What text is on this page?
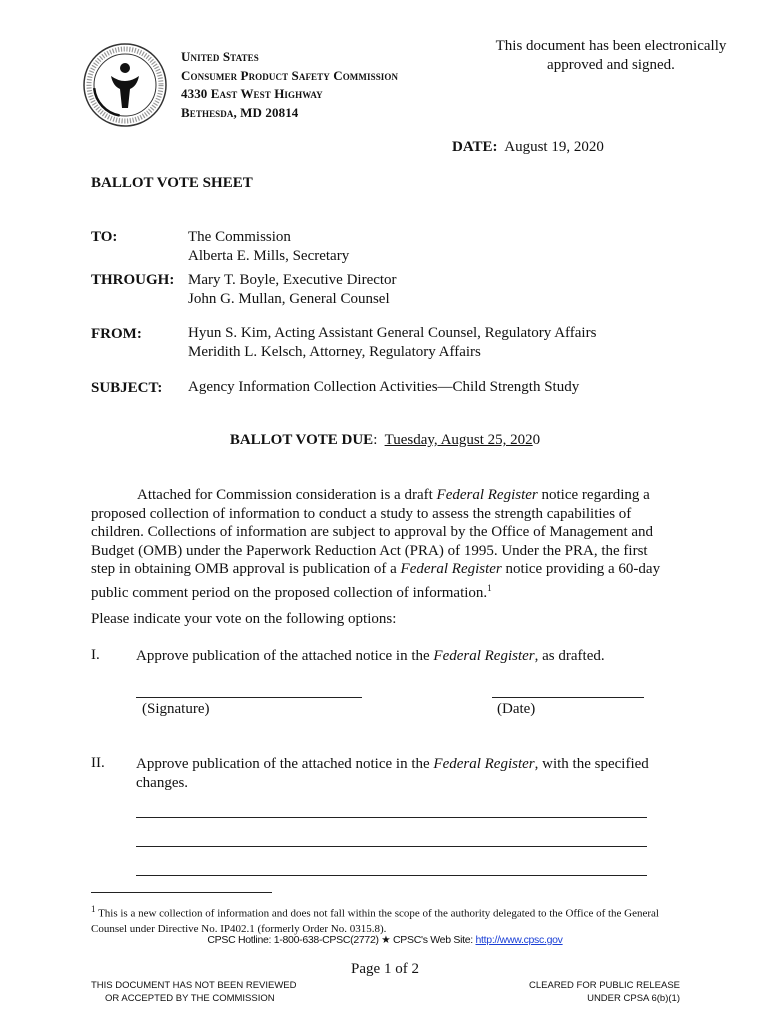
United States
Consumer Product Safety Commission
4330 East West Highway
Bethesda, MD 20814
This document has been electronically
approved and signed.
DATE: August 19, 2020
BALLOT VOTE SHEET
TO:	The Commission
Alberta E. Mills, Secretary
THROUGH: Mary T. Boyle, Executive Director
John G. Mullan, General Counsel
FROM:	Hyun S. Kim, Acting Assistant General Counsel, Regulatory Affairs
Meridith L. Kelsch, Attorney, Regulatory Affairs
SUBJECT: Agency Information Collection Activities—Child Strength Study
BALLOT VOTE DUE:  Tuesday, August 25, 2020

Attached for Commission consideration is a draft Federal Register notice regarding a proposed collection of information to conduct a study to assess the strength capabilities of children. Collections of information are subject to approval by the Office of Management and Budget (OMB) under the Paperwork Reduction Act (PRA) of 1995. Under the PRA, the first step in obtaining OMB approval is publication of a Federal Register notice providing a 60-day public comment period on the proposed collection of information.$^1$

Please indicate your vote on the following options:
I. Approve publication of the attached notice in the Federal Register, as drafted.
(Signature)	(Date)
II. Approve publication of the attached notice in the Federal Register, with the specified changes.
$^1$ This is a new collection of information and does not fall within the scope of the authority delegated to the Office of the General Counsel under Directive No. IP402.1 (formerly Order No. 0315.8).
CPSC Hotline: 1-800-638-CPSC(2772) ★ CPSC's Web Site: http://www.cpsc.gov
Page 1 of 2
THIS DOCUMENT HAS NOT BEEN REVIEWED
OR ACCEPTED BY THE COMMISSION
CLEARED FOR PUBLIC RELEASE
UNDER CPSA 6(b)(1)
